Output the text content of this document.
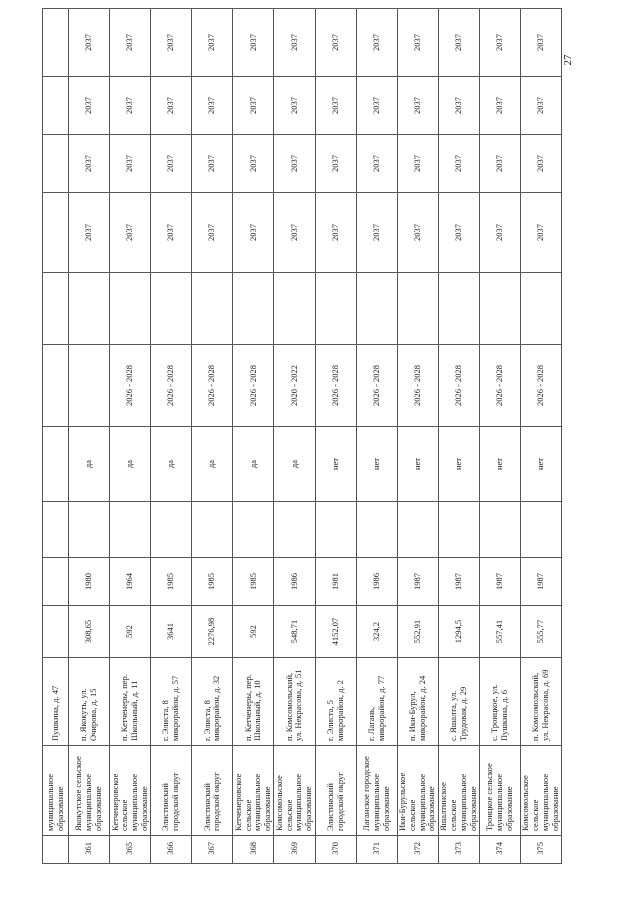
	муниципальное образование	Пушкина, д. 47										
361	Якокутское сельское муниципальное образование	п. Якокуть, ул. Очирова, д. 15	308,65	1980		да			2037	2037	2037	2037
365	Кетченеровское сельское муниципальное образование	п. Кетченеры, пер. Школьный, д. 11	592	1964		да	2026 - 2028		2037	2037	2037	2037
366	Элистинский городской округ	г. Элиста, 8 микрорайон, д. 57	3641	1985		да	2026 - 2028		2037	2037	2037	2037
367	Элистинский городской округ	г. Элиста, 8 микрорайон, д. 32	2276,98	1985		да	2026 - 2028		2037	2037	2037	2037
368	Кетченеровское сельское муниципальное образование	п. Кетченеры, пер. Школьный, д. 10	592	1985		да	2026 - 2028		2037	2037	2037	2037
369	Комсомольское сельское муниципальное образование	п. Комсомольский, ул. Некрасова, д. 51	548,71	1986		да	2020 - 2022		2037	2037	2037	2037
370	Элистинский городской округ	г. Элиста, 5 микрорайон, д. 2	4152,07	1981		нет	2026 - 2028		2037	2037	2037	2037
371	Лаганское городское муниципальное образование	г. Лагань, микрорайон, д. 77	324,2	1986		нет	2026 - 2028		2037	2037	2037	2037
372	Ики-Бурульское сельское муниципальное образование	п. Ики-Бурул, микрорайон, д. 24	552,91	1987		нет	2026 - 2028		2037	2037	2037	2037
373	Яшалтинское сельское муниципальное образование	с. Яшалта, ул. Трудовая, д. 29	1294,5	1987		нет	2026 - 2028		2037	2037	2037	2037
374	Троицкое сельское муниципальное образование	с. Троицкое, ул. Пушкина, д. 6	557,41	1987		нет	2026 - 2028		2037	2037	2037	2037
375	Комсомольское сельское муниципальное образование	п. Комсомольский, ул. Некрасова, д. 69	555,77	1987		нет	2026 - 2028		2037	2037	2037	2037
27
